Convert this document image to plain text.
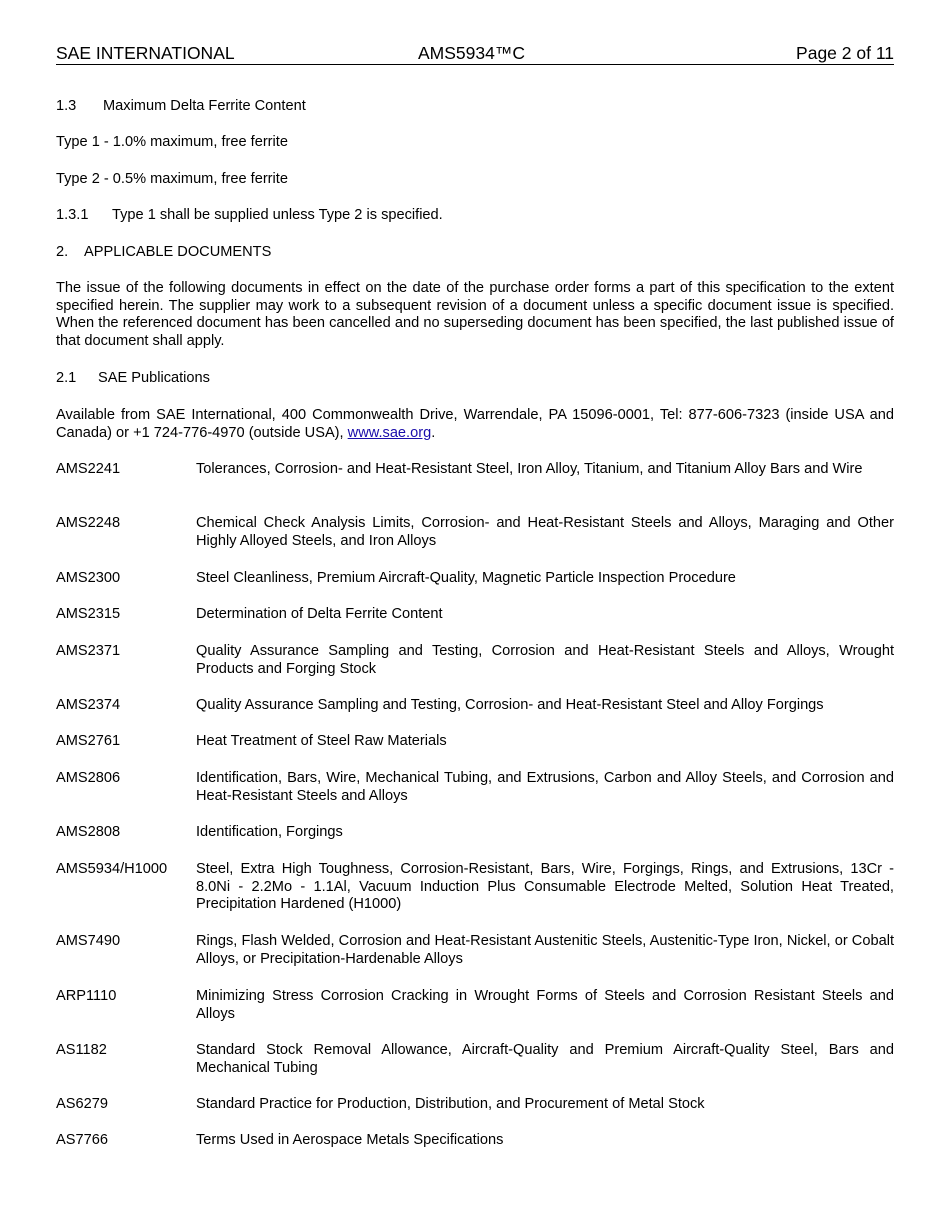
SAE INTERNATIONAL	AMS5934™C	Page 2 of 11
1.3 Maximum Delta Ferrite Content
Type 1 - 1.0% maximum, free ferrite
Type 2 - 0.5% maximum, free ferrite
1.3.1 Type 1 shall be supplied unless Type 2 is specified.
2. APPLICABLE DOCUMENTS

The issue of the following documents in effect on the date of the purchase order forms a part of this specification to the extent specified herein. The supplier may work to a subsequent revision of a document unless a specific document issue is specified. When the referenced document has been cancelled and no superseding document has been specified, the last published issue of that document shall apply.

2.1 SAE Publications

Available from SAE International, 400 Commonwealth Drive, Warrendale, PA 15096-0001, Tel: 877-606-7323 (inside USA and Canada) or +1 724-776-4970 (outside USA), www.sae.org.

AMS2241	Tolerances, Corrosion- and Heat-Resistant Steel, Iron Alloy, Titanium, and Titanium Alloy Bars and Wire
AMS2248	Chemical Check Analysis Limits, Corrosion- and Heat-Resistant Steels and Alloys, Maraging and Other Highly Alloyed Steels, and Iron Alloys
AMS2300	Steel Cleanliness, Premium Aircraft-Quality, Magnetic Particle Inspection Procedure
AMS2315	Determination of Delta Ferrite Content
AMS2371	Quality Assurance Sampling and Testing, Corrosion and Heat-Resistant Steels and Alloys, Wrought Products and Forging Stock
AMS2374	Quality Assurance Sampling and Testing, Corrosion- and Heat-Resistant Steel and Alloy Forgings
AMS2761	Heat Treatment of Steel Raw Materials
AMS2806	Identification, Bars, Wire, Mechanical Tubing, and Extrusions, Carbon and Alloy Steels, and Corrosion and Heat-Resistant Steels and Alloys
AMS2808	Identification, Forgings
AMS5934/H1000	Steel, Extra High Toughness, Corrosion-Resistant, Bars, Wire, Forgings, Rings, and Extrusions, 13Cr - 8.0Ni - 2.2Mo - 1.1Al, Vacuum Induction Plus Consumable Electrode Melted, Solution Heat Treated, Precipitation Hardened (H1000)
AMS7490	Rings, Flash Welded, Corrosion and Heat-Resistant Austenitic Steels, Austenitic-Type Iron, Nickel, or Cobalt Alloys, or Precipitation-Hardenable Alloys
ARP1110	Minimizing Stress Corrosion Cracking in Wrought Forms of Steels and Corrosion Resistant Steels and Alloys
AS1182	Standard Stock Removal Allowance, Aircraft-Quality and Premium Aircraft-Quality Steel, Bars and Mechanical Tubing
AS6279	Standard Practice for Production, Distribution, and Procurement of Metal Stock
AS7766	Terms Used in Aerospace Metals Specifications
